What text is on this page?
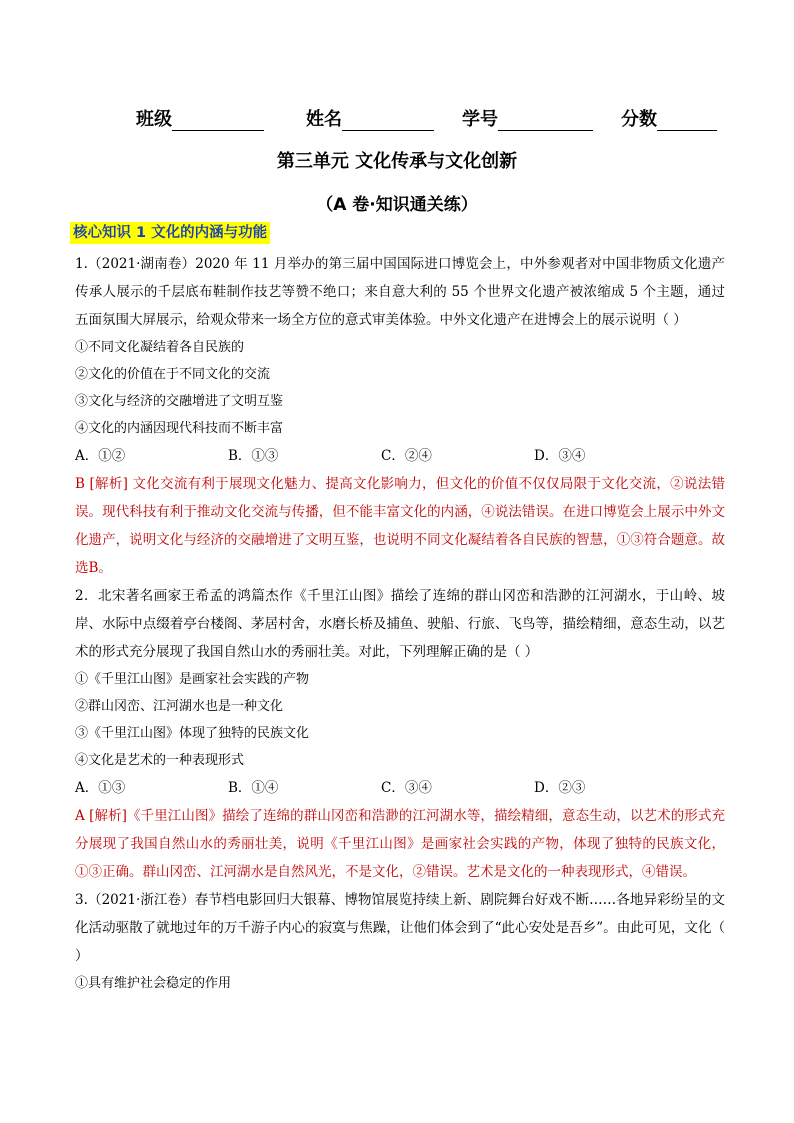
班级	姓名	学号	分数
第三单元 文化传承与文化创新
（A 卷·知识通关练）
核心知识 1 文化的内涵与功能
1.（2021·湖南卷）2020 年 11 月举办的第三届中国国际进口博览会上，中外参观者对中国非物质文化遗产传承人展示的千层底布鞋制作技艺等赞不绝口；来自意大利的 55 个世界文化遗产被浓缩成 5 个主题，通过五面氛围大屏展示，给观众带来一场全方位的意式审美体验。中外文化遗产在进博会上的展示说明（ ）
①不同文化凝结着各自民族的
②文化的价值在于不同文化的交流
③文化与经济的交融增进了文明互鉴
④文化的内涵因现代科技而不断丰富
A．①②	B．①③	C．②④	D．③④
B [解析] 文化交流有利于展现文化魅力、提高文化影响力，但文化的价值不仅仅局限于文化交流，②说法错误。现代科技有利于推动文化交流与传播，但不能丰富文化的内涵，④说法错误。在进口博览会上展示中外文化遗产，说明文化与经济的交融增进了文明互鉴，也说明不同文化凝结着各自民族的智慧，①③符合题意。故选B。
2．北宋著名画家王希孟的鸿篇杰作《千里江山图》描绘了连绵的群山冈峦和浩渺的江河湖水，于山岭、坡岸、水际中点缀着亭台楼阁、茅居村舍，水磨长桥及捕鱼、驶船、行旅、飞鸟等，描绘精细，意态生动，以艺术的形式充分展现了我国自然山水的秀丽壮美。对此，下列理解正确的是（ ）
①《千里江山图》是画家社会实践的产物
②群山冈峦、江河湖水也是一种文化
③《千里江山图》体现了独特的民族文化
④文化是艺术的一种表现形式
A．①③	B．①④	C．③④	D．②③
A [解析]《千里江山图》描绘了连绵的群山冈峦和浩渺的江河湖水等，描绘精细，意态生动，以艺术的形式充分展现了我国自然山水的秀丽壮美，说明《千里江山图》是画家社会实践的产物，体现了独特的民族文化，①③正确。群山冈峦、江河湖水是自然风光，不是文化，②错误。艺术是文化的一种表现形式，④错误。
3.（2021·浙江卷）春节档电影回归大银幕、博物馆展览持续上新、剧院舞台好戏不断……各地异彩纷呈的文化活动驱散了就地过年的万千游子内心的寂寞与焦躁，让他们体会到了“此心安处是吾乡”。由此可见，文化（ ）
①具有维护社会稳定的作用
